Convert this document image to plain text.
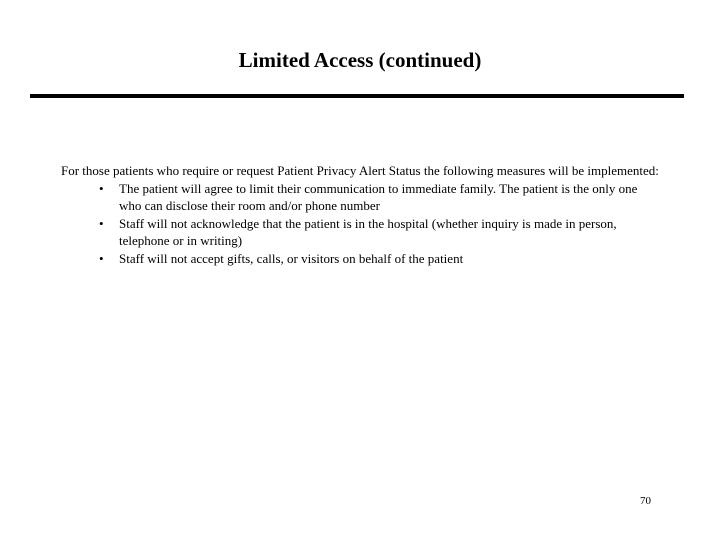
Limited Access (continued)

For those patients who require or request Patient Privacy Alert Status the following measures will be implemented:

• The patient will agree to limit their communication to immediate family. The patient is the only one who can disclose their room and/or phone number
• Staff will not acknowledge that the patient is in the hospital (whether inquiry is made in person, telephone or in writing)
• Staff will not accept gifts, calls, or visitors on behalf of the patient
70
